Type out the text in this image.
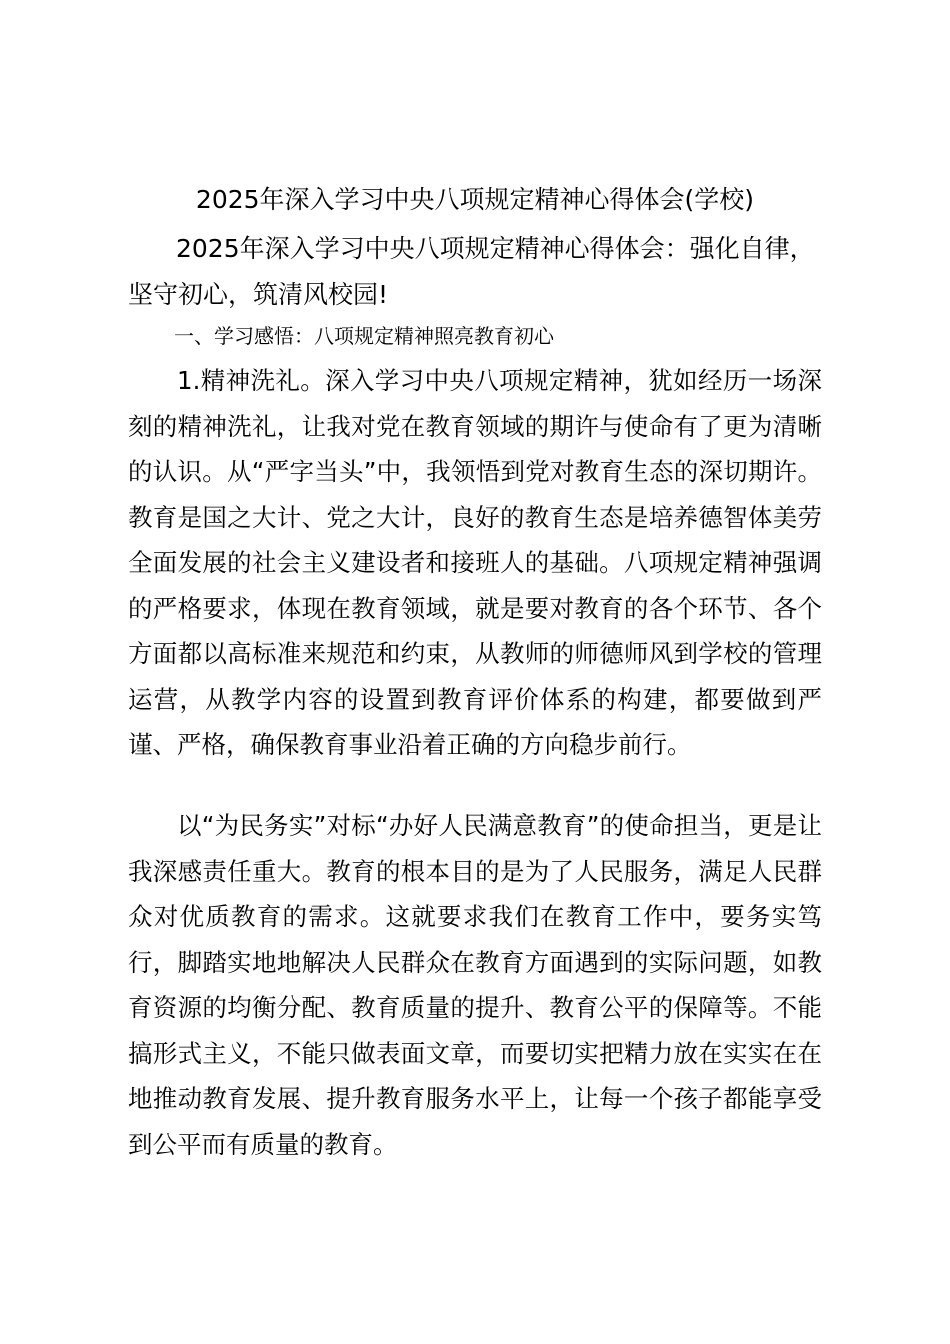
2025年深入学习中央八项规定精神心得体会(学校)
2025年深入学习中央八项规定精神心得体会：强化自律，坚守初心，筑清风校园!
一、学习感悟：八项规定精神照亮教育初心

1.精神洗礼。深入学习中央八项规定精神，犹如经历一场深刻的精神洗礼，让我对党在教育领域的期许与使命有了更为清晰的认识。从“严字当头”中，我领悟到党对教育生态的深切期许。教育是国之大计、党之大计，良好的教育生态是培养德智体美劳全面发展的社会主义建设者和接班人的基础。八项规定精神强调的严格要求，体现在教育领域，就是要对教育的各个环节、各个方面都以高标准来规范和约束，从教师的师德师风到学校的管理运营，从教学内容的设置到教育评价体系的构建，都要做到严谨、严格，确保教育事业沿着正确的方向稳步前行。

以“为民务实”对标“办好人民满意教育”的使命担当，更是让我深感责任重大。教育的根本目的是为了人民服务，满足人民群众对优质教育的需求。这就要求我们在教育工作中，要务实笃行，脚踏实地地解决人民群众在教育方面遇到的实际问题，如教育资源的均衡分配、教育质量的提升、教育公平的保障等。不能搞形式主义，不能只做表面文章，而要切实把精力放在实实在在地推动教育发展、提升教育服务水平上，让每一个孩子都能享受到公平而有质量的教育。
